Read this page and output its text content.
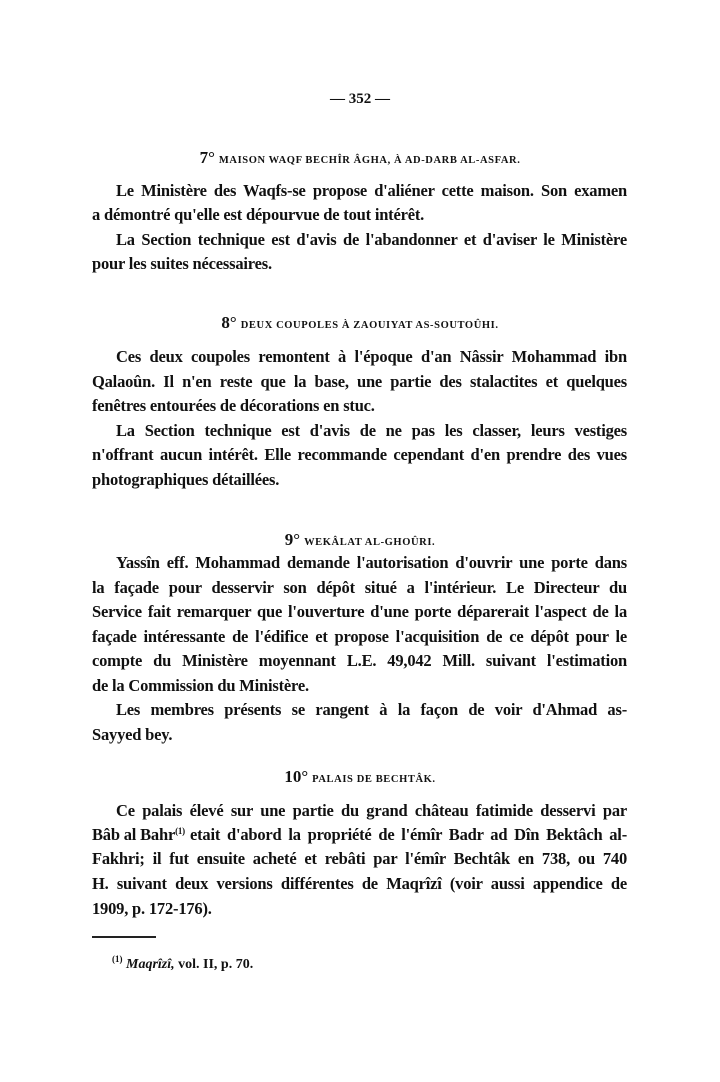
— 352 —
7° MAISON WAQF BECHÎR ÂGHA, À AD-DARB AL-ASFAR.
Le Ministère des Waqfs-se propose d'aliéner cette maison. Son examen
a démontré qu'elle est dépourvue de tout intérêt.
La Section technique est d'avis de l'abandonner et d'aviser le Ministère
pour les suites nécessaires.
8° DEUX COUPOLES À ZAOUIYAT AS-SOUTOÛHI.
Ces deux coupoles remontent à l'époque d'an Nâssir Mohammad ibn
Qalaoûn. Il n'en reste que la base, une partie des stalactites et quelques
fenêtres entourées de décorations en stuc.
La Section technique est d'avis de ne pas les classer, leurs vestiges
n'offrant aucun intérêt. Elle recommande cependant d'en prendre des vues
photographiques détaillées.
9° WEKÂLAT AL-GHOÛRI.
Yassîn eff. Mohammad demande l'autorisation d'ouvrir une porte dans
la façade pour desservir son dépôt situé a l'intérieur. Le Directeur du
Service fait remarquer que l'ouverture d'une porte déparerait l'aspect de la
façade intéressante de l'édifice et propose l'acquisition de ce dépôt pour le
compte du Ministère moyennant L.E. 49,042 Mill. suivant l'estimation
de la Commission du Ministère.
Les membres présents se rangent à la façon de voir d'Ahmad as-
Sayyed bey.
10° PALAIS DE BECHTÂK.
Ce palais élevé sur une partie du grand château fatimide desservi par
Bâb al Bahr$^{(1)}$ etait d'abord la propriété de l'émîr Badr ad Dîn Bektâch al-
Fakhri; il fut ensuite acheté et rebâti par l'émîr Bechtâk en 738, ou 740
H. suivant deux versions différentes de Maqrîzî (voir aussi appendice de
1909, p. 172-176).
$^{(1)}$ Maqrîzî, vol. II, p. 70.
